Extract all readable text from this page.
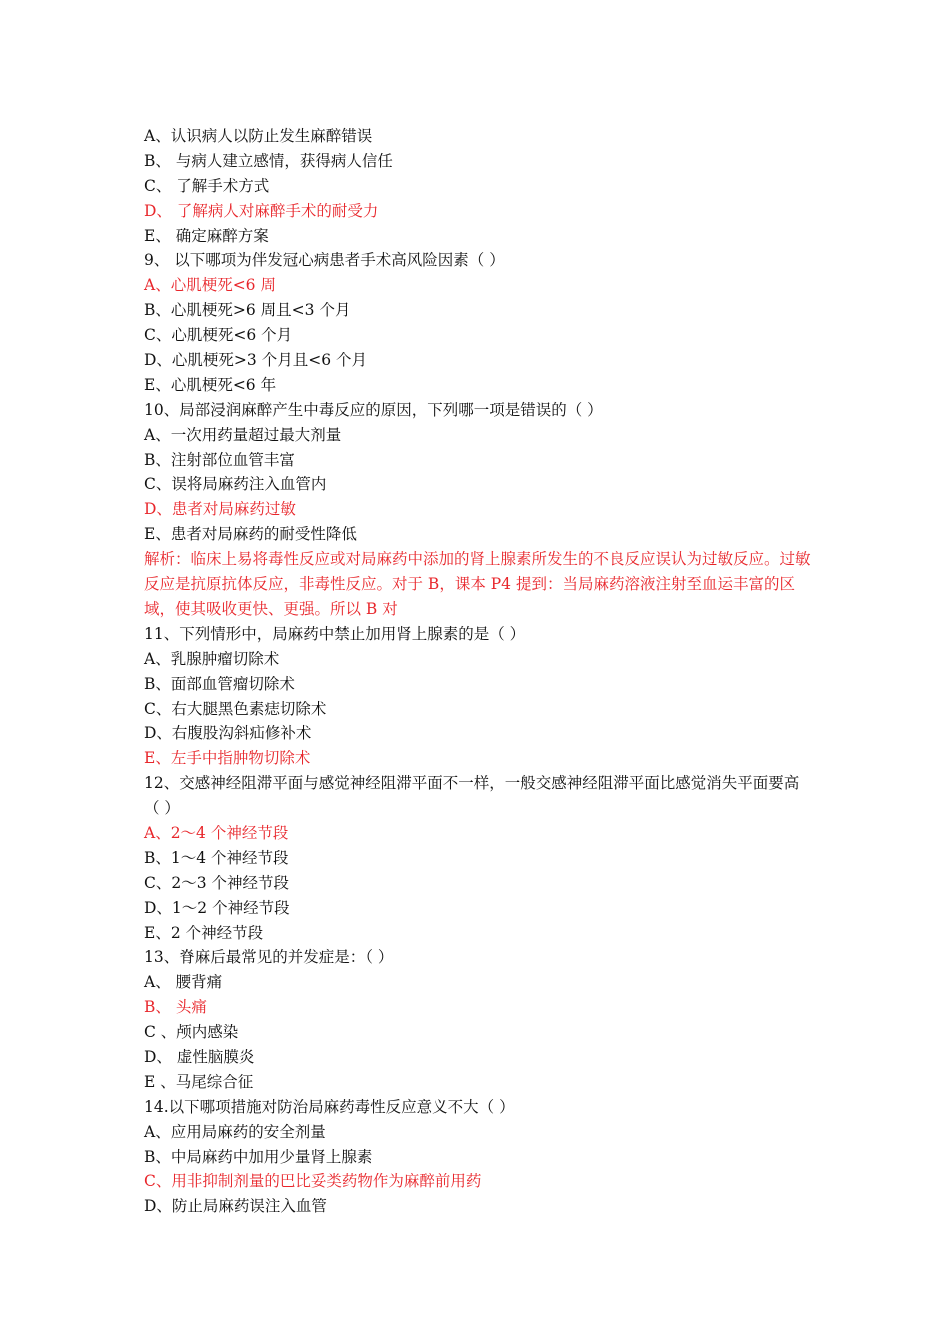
A、认识病人以防止发生麻醉错误
B、 与病人建立感情，获得病人信任
C、 了解手术方式
D、 了解病人对麻醉手术的耐受力
E、 确定麻醉方案
9、 以下哪项为伴发冠心病患者手术高风险因素（ ）
A、心肌梗死<6 周
B、心肌梗死>6 周且<3 个月
C、心肌梗死<6 个月
D、心肌梗死>3 个月且<6 个月
E、心肌梗死<6 年
10、局部浸润麻醉产生中毒反应的原因，下列哪一项是错误的（ ）
A、一次用药量超过最大剂量
B、注射部位血管丰富
C、误将局麻药注入血管内
D、患者对局麻药过敏
E、患者对局麻药的耐受性降低
解析：临床上易将毒性反应或对局麻药中添加的肾上腺素所发生的不良反应误认为过敏反应。过敏反应是抗原抗体反应，非毒性反应。对于 B，课本 P4 提到：当局麻药溶液注射至血运丰富的区域，使其吸收更快、更强。所以 B 对
11、下列情形中，局麻药中禁止加用肾上腺素的是（ ）
A、乳腺肿瘤切除术
B、面部血管瘤切除术
C、右大腿黑色素痣切除术
D、右腹股沟斜疝修补术
E、左手中指肿物切除术
12、交感神经阻滞平面与感觉神经阻滞平面不一样，一般交感神经阻滞平面比感觉消失平面要高（ ）
A、2～4 个神经节段
B、1～4 个神经节段
C、2～3 个神经节段
D、1～2 个神经节段
E、2 个神经节段
13、脊麻后最常见的并发症是：（ ）
A、 腰背痛
B、 头痛
C 、颅内感染
D、 虚性脑膜炎
E 、马尾综合征
14.以下哪项措施对防治局麻药毒性反应意义不大（ ）
A、应用局麻药的安全剂量
B、中局麻药中加用少量肾上腺素
C、用非抑制剂量的巴比妥类药物作为麻醉前用药
D、防止局麻药误注入血管
